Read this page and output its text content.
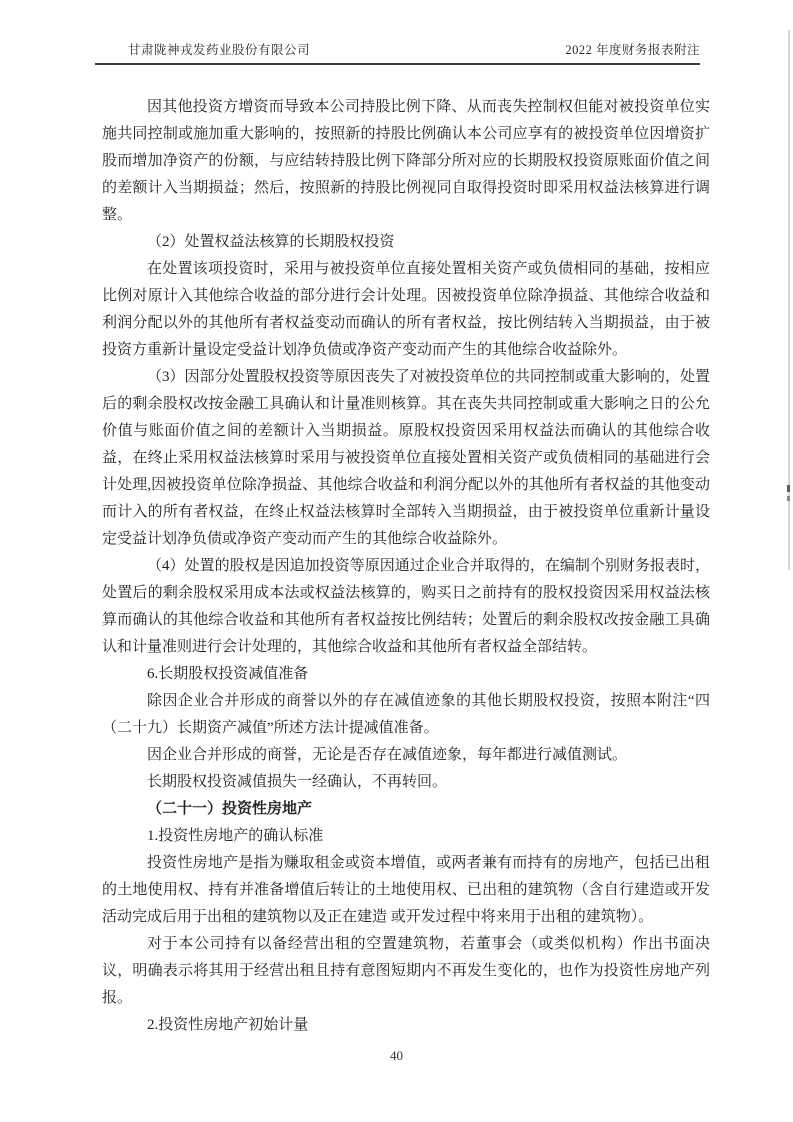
甘肃陇神戎发药业股份有限公司	2022 年度财务报表附注

因其他投资方增资而导致本公司持股比例下降、从而丧失控制权但能对被投资单位实施共同控制或施加重大影响的，按照新的持股比例确认本公司应享有的被投资单位因增资扩股而增加净资产的份额，与应结转持股比例下降部分所对应的长期股权投资原账面价值之间的差额计入当期损益；然后，按照新的持股比例视同自取得投资时即采用权益法核算进行调整。

（2）处置权益法核算的长期股权投资

在处置该项投资时，采用与被投资单位直接处置相关资产或负债相同的基础，按相应比例对原计入其他综合收益的部分进行会计处理。因被投资单位除净损益、其他综合收益和利润分配以外的其他所有者权益变动而确认的所有者权益，按比例结转入当期损益，由于被投资方重新计量设定受益计划净负债或净资产变动而产生的其他综合收益除外。

（3）因部分处置股权投资等原因丧失了对被投资单位的共同控制或重大影响的，处置后的剩余股权改按金融工具确认和计量准则核算。其在丧失共同控制或重大影响之日的公允价值与账面价值之间的差额计入当期损益。原股权投资因采用权益法而确认的其他综合收益，在终止采用权益法核算时采用与被投资单位直接处置相关资产或负债相同的基础进行会计处理,因被投资单位除净损益、其他综合收益和利润分配以外的其他所有者权益的其他变动而计入的所有者权益，在终止权益法核算时全部转入当期损益，由于被投资单位重新计量设定受益计划净负债或净资产变动而产生的其他综合收益除外。

（4）处置的股权是因追加投资等原因通过企业合并取得的，在编制个别财务报表时，处置后的剩余股权采用成本法或权益法核算的，购买日之前持有的股权投资因采用权益法核算而确认的其他综合收益和其他所有者权益按比例结转；处置后的剩余股权改按金融工具确认和计量准则进行会计处理的，其他综合收益和其他所有者权益全部结转。

6.长期股权投资减值准备

除因企业合并形成的商誉以外的存在减值迹象的其他长期股权投资，按照本附注“四（二十九）长期资产减值”所述方法计提减值准备。

因企业合并形成的商誉，无论是否存在减值迹象，每年都进行减值测试。

长期股权投资减值损失一经确认，不再转回。

（二十一）投资性房地产

1.投资性房地产的确认标准

投资性房地产是指为赚取租金或资本增值，或两者兼有而持有的房地产，包括已出租的土地使用权、持有并准备增值后转让的土地使用权、已出租的建筑物（含自行建造或开发活动完成后用于出租的建筑物以及正在建造 或开发过程中将来用于出租的建筑物）。

对于本公司持有以备经营出租的空置建筑物，若董事会（或类似机构）作出书面决议，明确表示将其用于经营出租且持有意图短期内不再发生变化的，也作为投资性房地产列报。

2.投资性房地产初始计量

40
